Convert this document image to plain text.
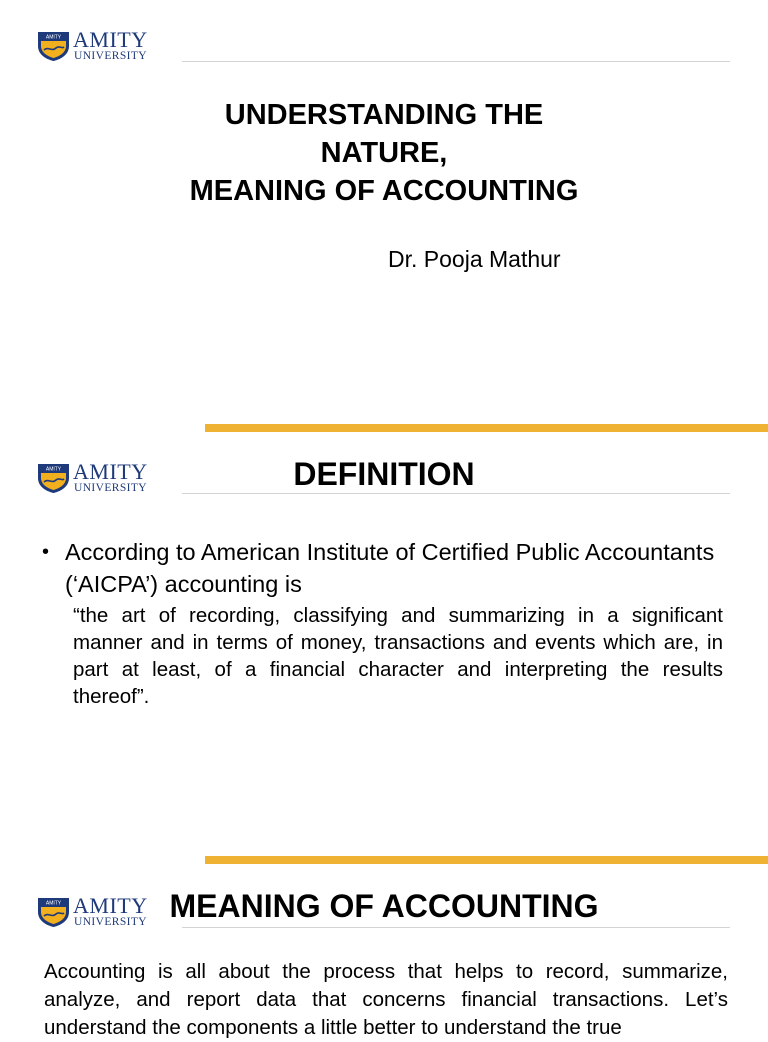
AMITY AMITY
UNIVERSITY
UNDERSTANDING THE
NATURE,
MEANING OF ACCOUNTING
Dr. Pooja Mathur
AMITY AMITY
UNIVERSITY	DEFINITION
• According to American Institute of Certified Public Accountants (‘AICPA’) accounting is

“the art of recording, classifying and summarizing in a significant manner and in terms of money, transactions and events which are, in part at least, of a financial character and interpreting the results thereof”.

AMITY AMITY
UNIVERSITY MEANING OF ACCOUNTING

Accounting is all about the process that helps to record, summarize, analyze, and report data that concerns financial transactions. Let’s understand the components a little better to understand the true
